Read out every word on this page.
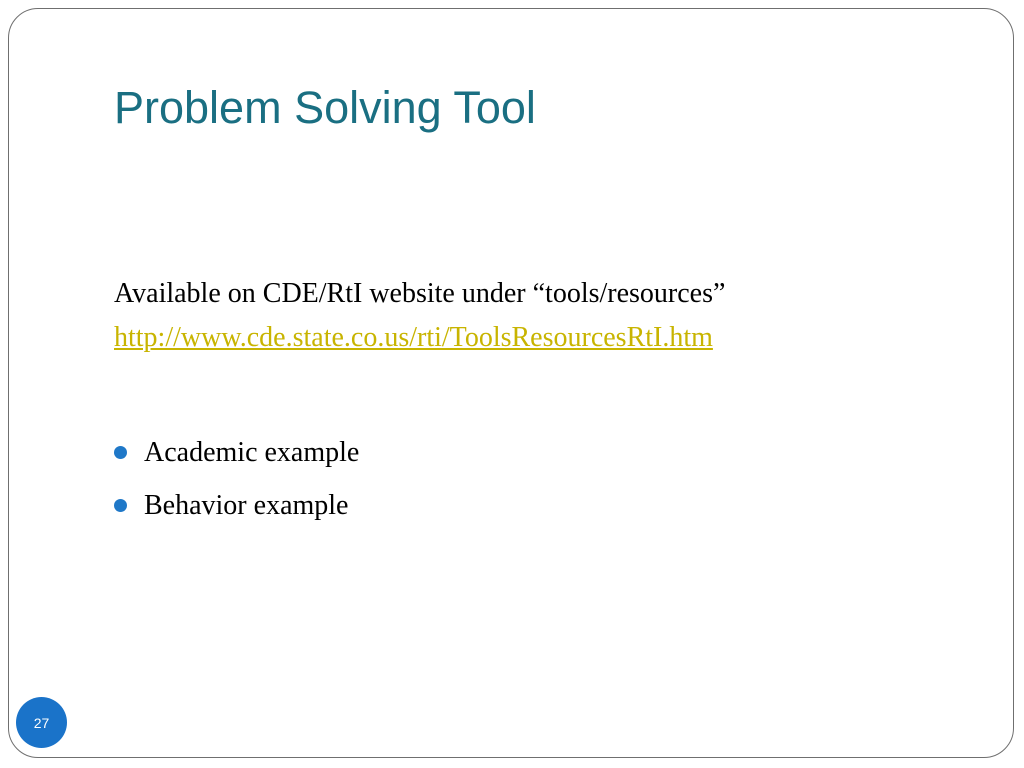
Problem Solving Tool
Available on CDE/RtI website under “tools/resources”
http://www.cde.state.co.us/rti/ToolsResourcesRtI.htm
Academic example
Behavior example
27
